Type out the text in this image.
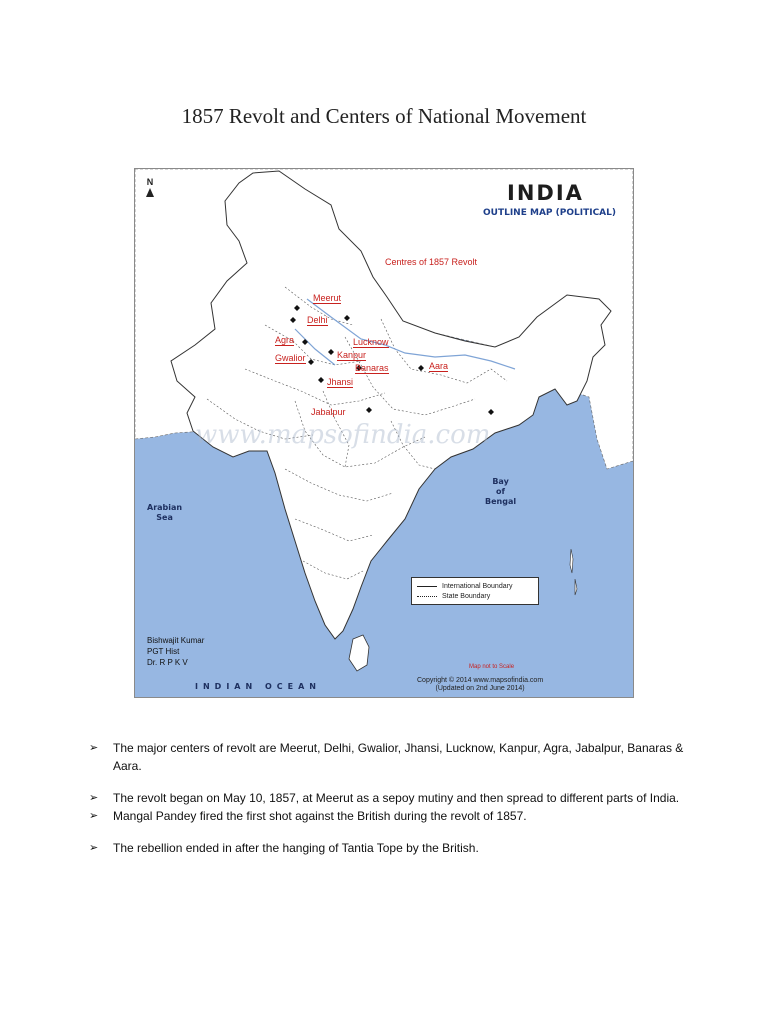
1857 Revolt and Centers of National Movement
www.mapsofindia.com
N	INDIA
OUTLINE MAP (POLITICAL)
Centres of 1857 Revolt
Meerut
Delhi
Agra	Lucknow
Gwalior	Kanpur
Banaras	Aara
Jhansi
Jabalpur
Arabian
Sea
Bay
of
Bengal
INDIAN OCEAN
International Boundary
State Boundary
Bishwajit Kumar
PGT Hist
Dr. R P K V	Map not to Scale
Copyright © 2014 www.mapsofindia.com
(Updated on 2nd June 2014)
➢ The major centers of revolt are Meerut, Delhi, Gwalior, Jhansi, Lucknow, Kanpur, Agra, Jabalpur, Banaras & Aara.
➢ The revolt began on May 10, 1857, at Meerut as a sepoy mutiny and then spread to different parts of India.
➢ Mangal Pandey fired the first shot against the British during the revolt of 1857.
➢ The rebellion ended in after the hanging of Tantia Tope by the British.
